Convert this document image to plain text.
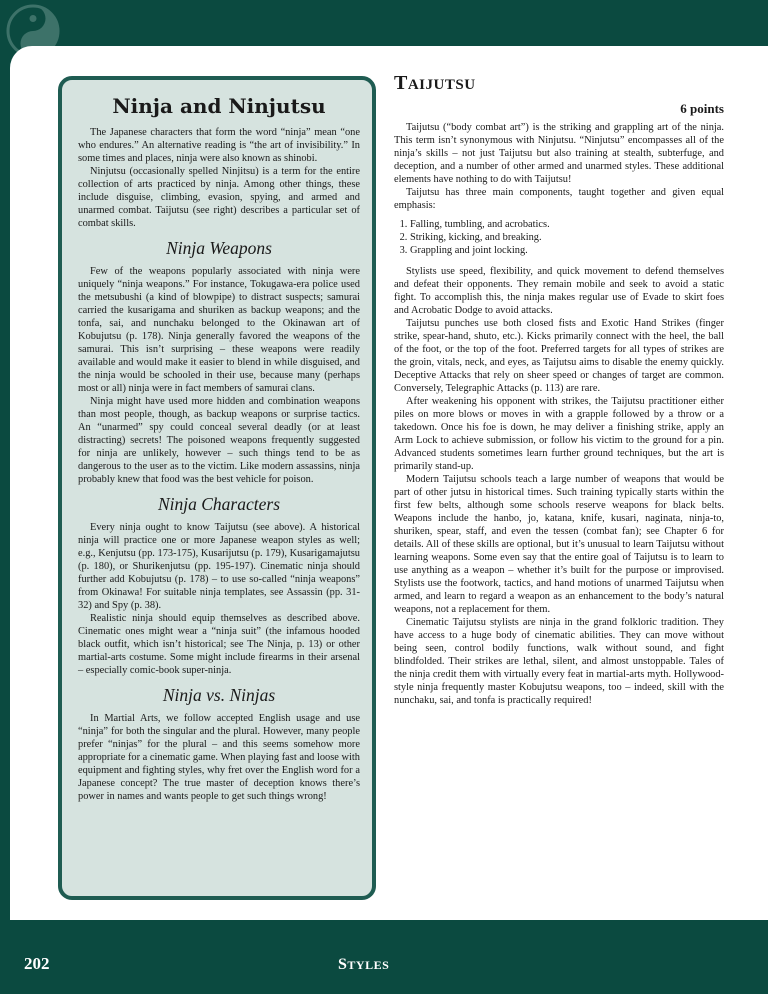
Ninja and Ninjutsu

The Japanese characters that form the word “ninja” mean “one who endures.” An alternative reading is “the art of invisibility.” In some times and places, ninja were also known as shinobi.

Ninjutsu (occasionally spelled Ninjitsu) is a term for the entire collection of arts practiced by ninja. Among other things, these include disguise, climbing, evasion, spying, and armed and unarmed combat. Taijutsu (see right) describes a particular set of combat skills.

Ninja Weapons

Few of the weapons popularly associated with ninja were uniquely “ninja weapons.” For instance, Tokugawa-era police used the metsubushi (a kind of blowpipe) to distract suspects; samurai carried the kusarigama and shuriken as backup weapons; and the tonfa, sai, and nunchaku belonged to the Okinawan art of Kobujutsu (p. 178). Ninja generally favored the weapons of the samurai. This isn’t surprising – these weapons were readily available and would make it easier to blend in while disguised, and the ninja would be schooled in their use, because many (perhaps most or all) ninja were in fact members of samurai clans.

Ninja might have used more hidden and combination weapons than most people, though, as backup weapons or surprise tactics. An “unarmed” spy could conceal several deadly (or at least distracting) secrets! The poisoned weapons frequently suggested for ninja are unlikely, however – such things tend to be as dangerous to the user as to the victim. Like modern assassins, ninja probably knew that food was the best vehicle for poison.

Ninja Characters

Every ninja ought to know Taijutsu (see above). A historical ninja will practice one or more Japanese weapon styles as well; e.g., Kenjutsu (pp. 173-175), Kusarijutsu (p. 179), Kusarigamajutsu (p. 180), or Shurikenjutsu (pp. 195-197). Cinematic ninja should further add Kobujutsu (p. 178) – to use so-called “ninja weapons” from Okinawa! For suitable ninja templates, see Assassin (pp. 31-32) and Spy (p. 38).

Realistic ninja should equip themselves as described above. Cinematic ones might wear a “ninja suit” (the infamous hooded black outfit, which isn’t historical; see The Ninja, p. 13) or other martial-arts costume. Some might include firearms in their arsenal – especially comic-book super-ninja.

Ninja vs. Ninjas

In Martial Arts, we follow accepted English usage and use “ninja” for both the singular and the plural. However, many people prefer “ninjas” for the plural – and this seems somehow more appropriate for a cinematic game. When playing fast and loose with equipment and fighting styles, why fret over the English word for a Japanese concept? The true master of deception knows there’s power in names and wants people to get such things wrong!

TAIJUTSU
6 points

Taijutsu (“body combat art”) is the striking and grappling art of the ninja. This term isn’t synonymous with Ninjutsu. “Ninjutsu” encompasses all of the ninja’s skills – not just Taijutsu but also training at stealth, subterfuge, and deception, and a number of other armed and unarmed styles. These additional elements have nothing to do with Taijutsu!

Taijutsu has three main components, taught together and given equal emphasis:

1. Falling, tumbling, and acrobatics.
2. Striking, kicking, and breaking.
3. Grappling and joint locking.

Stylists use speed, flexibility, and quick movement to defend themselves and defeat their opponents. They remain mobile and seek to avoid a static fight. To accomplish this, the ninja makes regular use of Evade to skirt foes and Acrobatic Dodge to avoid attacks.

Taijutsu punches use both closed fists and Exotic Hand Strikes (finger strike, spear-hand, shuto, etc.). Kicks primarily connect with the heel, the ball of the foot, or the top of the foot. Preferred targets for all types of strikes are the groin, vitals, neck, and eyes, as Taijutsu aims to disable the enemy quickly. Deceptive Attacks that rely on sheer speed or changes of target are common. Conversely, Telegraphic Attacks (p. 113) are rare.

After weakening his opponent with strikes, the Taijutsu practitioner either piles on more blows or moves in with a grapple followed by a throw or a takedown. Once his foe is down, he may deliver a finishing strike, apply an Arm Lock to achieve submission, or follow his victim to the ground for a pin. Advanced students sometimes learn further ground techniques, but the art is primarily stand-up.

Modern Taijutsu schools teach a large number of weapons that would be part of other jutsu in historical times. Such training typically starts within the first few belts, although some schools reserve weapons for black belts. Weapons include the hanbo, jo, katana, knife, kusari, naginata, ninja-to, shuriken, spear, staff, and even the tessen (combat fan); see Chapter 6 for details. All of these skills are optional, but it’s unusual to learn Taijutsu without learning weapons. Some even say that the entire goal of Taijutsu is to learn to use anything as a weapon – whether it’s built for the purpose or improvised. Stylists use the footwork, tactics, and hand motions of unarmed Taijutsu when armed, and learn to regard a weapon as an enhancement to the body’s natural weapons, not a replacement for them.

Cinematic Taijutsu stylists are ninja in the grand folkloric tradition. They have access to a huge body of cinematic abilities. They can move without being seen, control bodily functions, walk without sound, and fight blindfolded. Their strikes are lethal, silent, and almost unstoppable. Tales of the ninja credit them with virtually every feat in martial-arts myth. Hollywood-style ninja frequently master Kobujutsu weapons, too – indeed, skill with the nunchaku, sai, and tonfa is practically required!

202	STYLES
